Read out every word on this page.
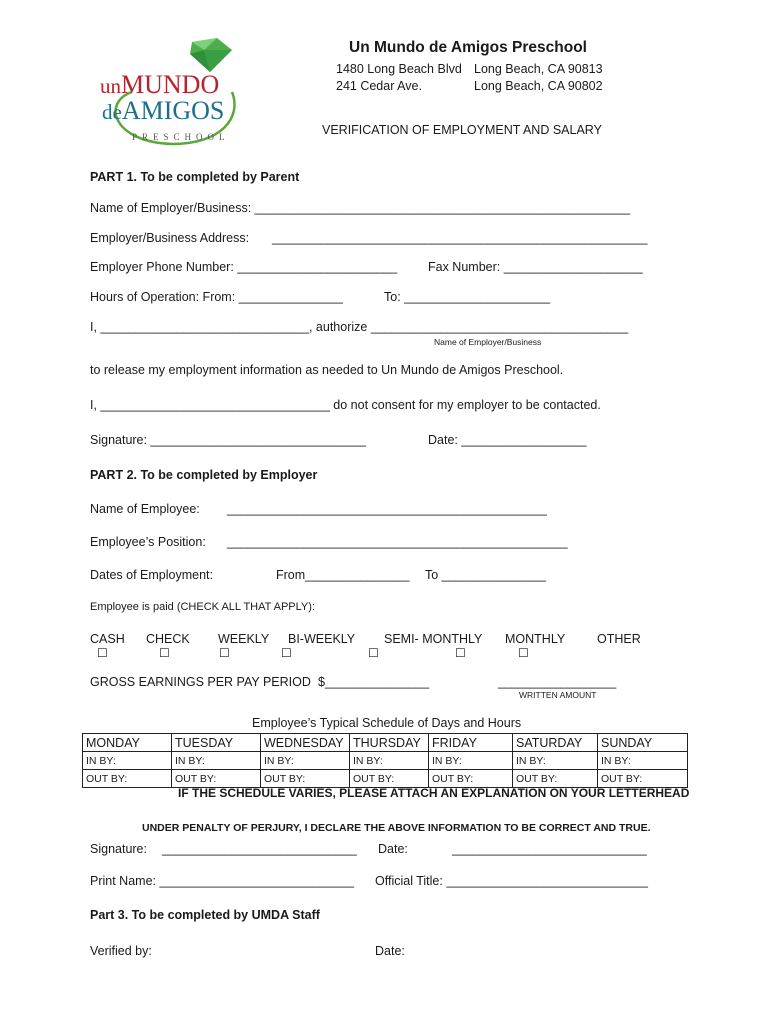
unMUNDO
deAMIGOS
PRESCHOOL
Un Mundo de Amigos Preschool
1480 Long Beach Blvd Long Beach, CA 90813
241 Cedar Ave.	Long Beach, CA 90802
VERIFICATION OF EMPLOYMENT AND SALARY
PART 1. To be completed by Parent
Name of Employer/Business: ______________________________________________________
Employer/Business Address: ______________________________________________________
Employer Phone Number: _______________________ Fax Number: ____________________
Hours of Operation: From: _______________	To: _____________________
I, ______________________________, authorize _____________________________________
Name of Employer/Business
to release my employment information as needed to Un Mundo de Amigos Preschool.
I, _________________________________ do not consent for my employer to be contacted.
Signature: _______________________________	Date: __________________
PART 2. To be completed by Employer
Name of Employee: ______________________________________________
Employee’s Position: _________________________________________________
Dates of Employment:	From_______________ To _______________
Employee is paid (CHECK ALL THAT APPLY):
CASH CHECK WEEKLY BI-WEEKLY SEMI- MONTHLY MONTHLY	OTHER
☐	☐	☐	☐	☐	☐	☐
GROSS EARNINGS PER PAY PERIOD $_______________	_________________
WRITTEN AMOUNT
Employee’s Typical Schedule of Days and Hours
MONDAY	TUESDAY	WEDNESDAY	THURSDAY	FRIDAY	SATURDAY	SUNDAY
IN BY:	IN BY:	IN BY:	IN BY:	IN BY:	IN BY:	IN BY:
OUT BY:	OUT BY:	OUT BY:	OUT BY:	OUT BY:	OUT BY:	OUT BY:
IF THE SCHEDULE VARIES, PLEASE ATTACH AN EXPLANATION ON YOUR LETTERHEAD
UNDER PENALTY OF PERJURY, I DECLARE THE ABOVE INFORMATION TO BE CORRECT AND TRUE.
Signature: ____________________________ Date:	____________________________
Print Name: ____________________________ Official Title: _____________________________
Part 3. To be completed by UMDA Staff
Verified by:	Date:
